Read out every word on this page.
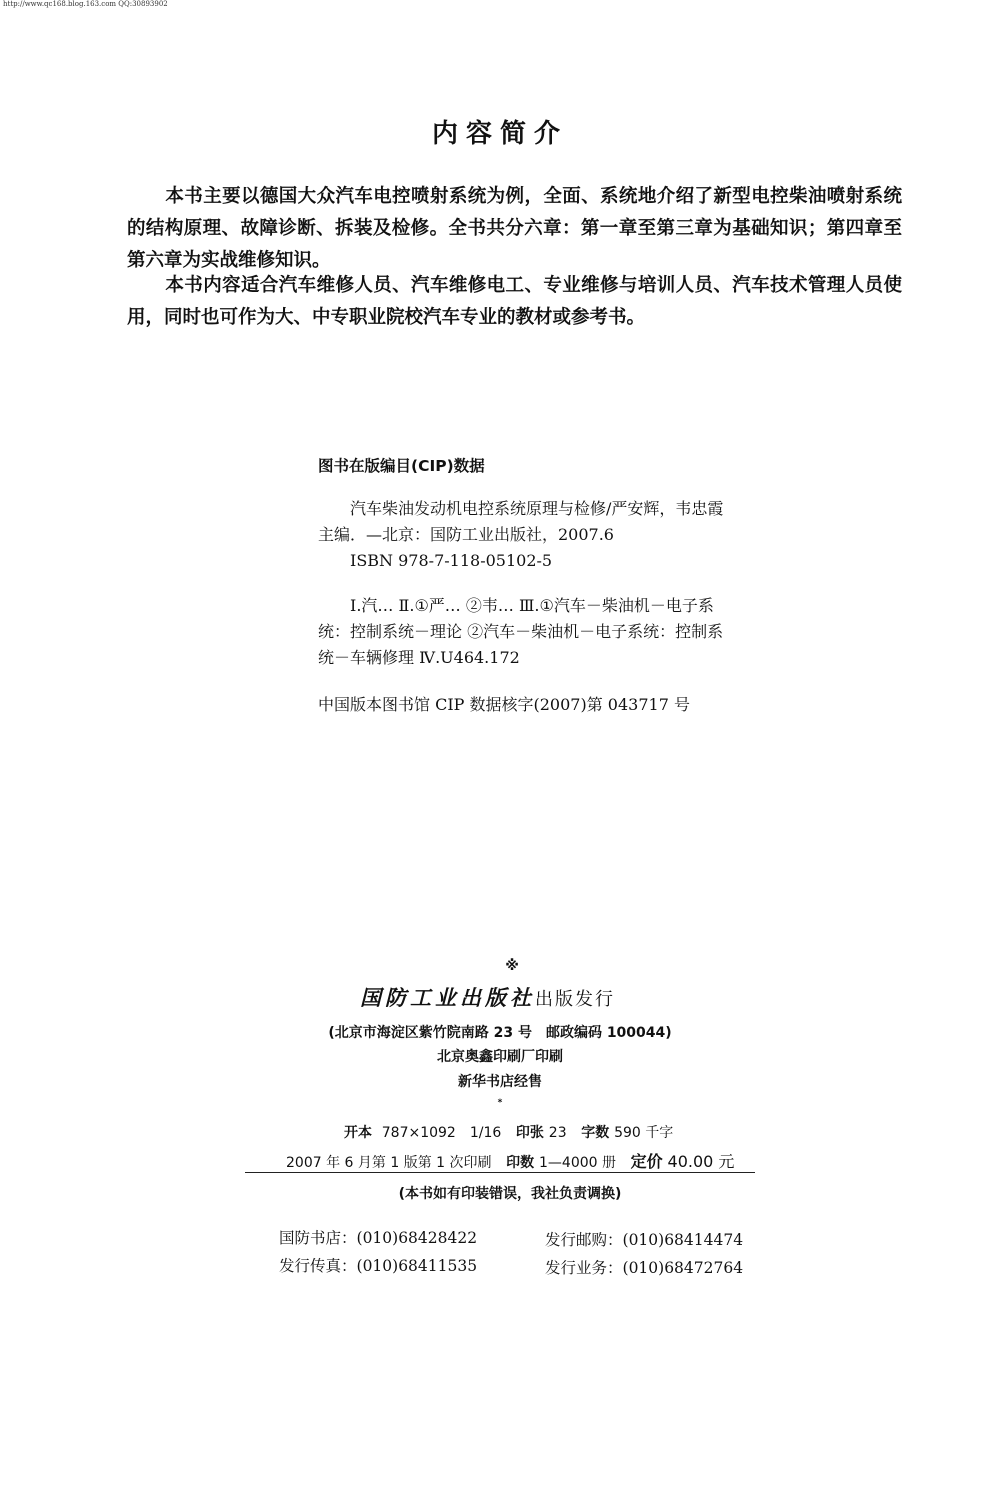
http://www.qc168.blog.163.com QQ:30893902
内容简介

本书主要以德国大众汽车电控喷射系统为例，全面、系统地介绍了新型电控柴油喷射系统的结构原理、故障诊断、拆装及检修。全书共分六章：第一章至第三章为基础知识；第四章至第六章为实战维修知识。

本书内容适合汽车维修人员、汽车维修电工、专业维修与培训人员、汽车技术管理人员使用，同时也可作为大、中专职业院校汽车专业的教材或参考书。

图书在版编目(CIP)数据

汽车柴油发动机电控系统原理与检修/严安辉，韦忠霞主编．—北京：国防工业出版社，2007.6
ISBN 978-7-118-05102-5

Ⅰ.汽… Ⅱ.①严… ②韦… Ⅲ.①汽车－柴油机－电子系统：控制系统－理论 ②汽车－柴油机－电子系统：控制系统－车辆修理 Ⅳ.U464.172

中国版本图书馆 CIP 数据核字(2007)第 043717 号

※
国防工业出版社出版发行
(北京市海淀区紫竹院南路 23 号　邮政编码 100044)
北京奥鑫印刷厂印刷
新华书店经售
*
开本 787×1092　1/16 印张 23 字数 590 千字
2007 年 6 月第 1 版第 1 次印刷 印数 1—4000 册 定价 40.00 元
(本书如有印装错误，我社负责调换)
国防书店：(010)68428422	发行邮购：(010)68414474
发行传真：(010)68411535	发行业务：(010)68472764
